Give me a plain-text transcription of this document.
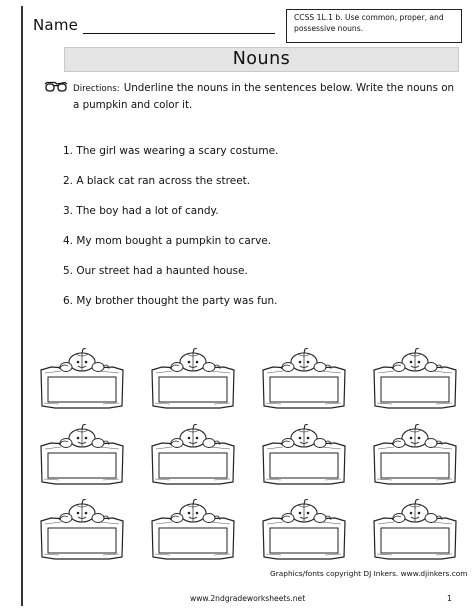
Name	CCSS 1L.1 b. Use common, proper, and
possessive nouns.
Nouns
Directions: Underline the nouns in the sentences below. Write the nouns on a pumpkin and color it.
1. The girl was wearing a scary costume.
2. A black cat ran across the street.
3. The boy had a lot of candy.
4. My mom bought a pumpkin to carve.
5. Our street had a haunted house.
6. My brother thought the party was fun.
Graphics/fonts copyright DJ Inkers. www.djinkers.com
www.2ndgradeworksheets.net	1
